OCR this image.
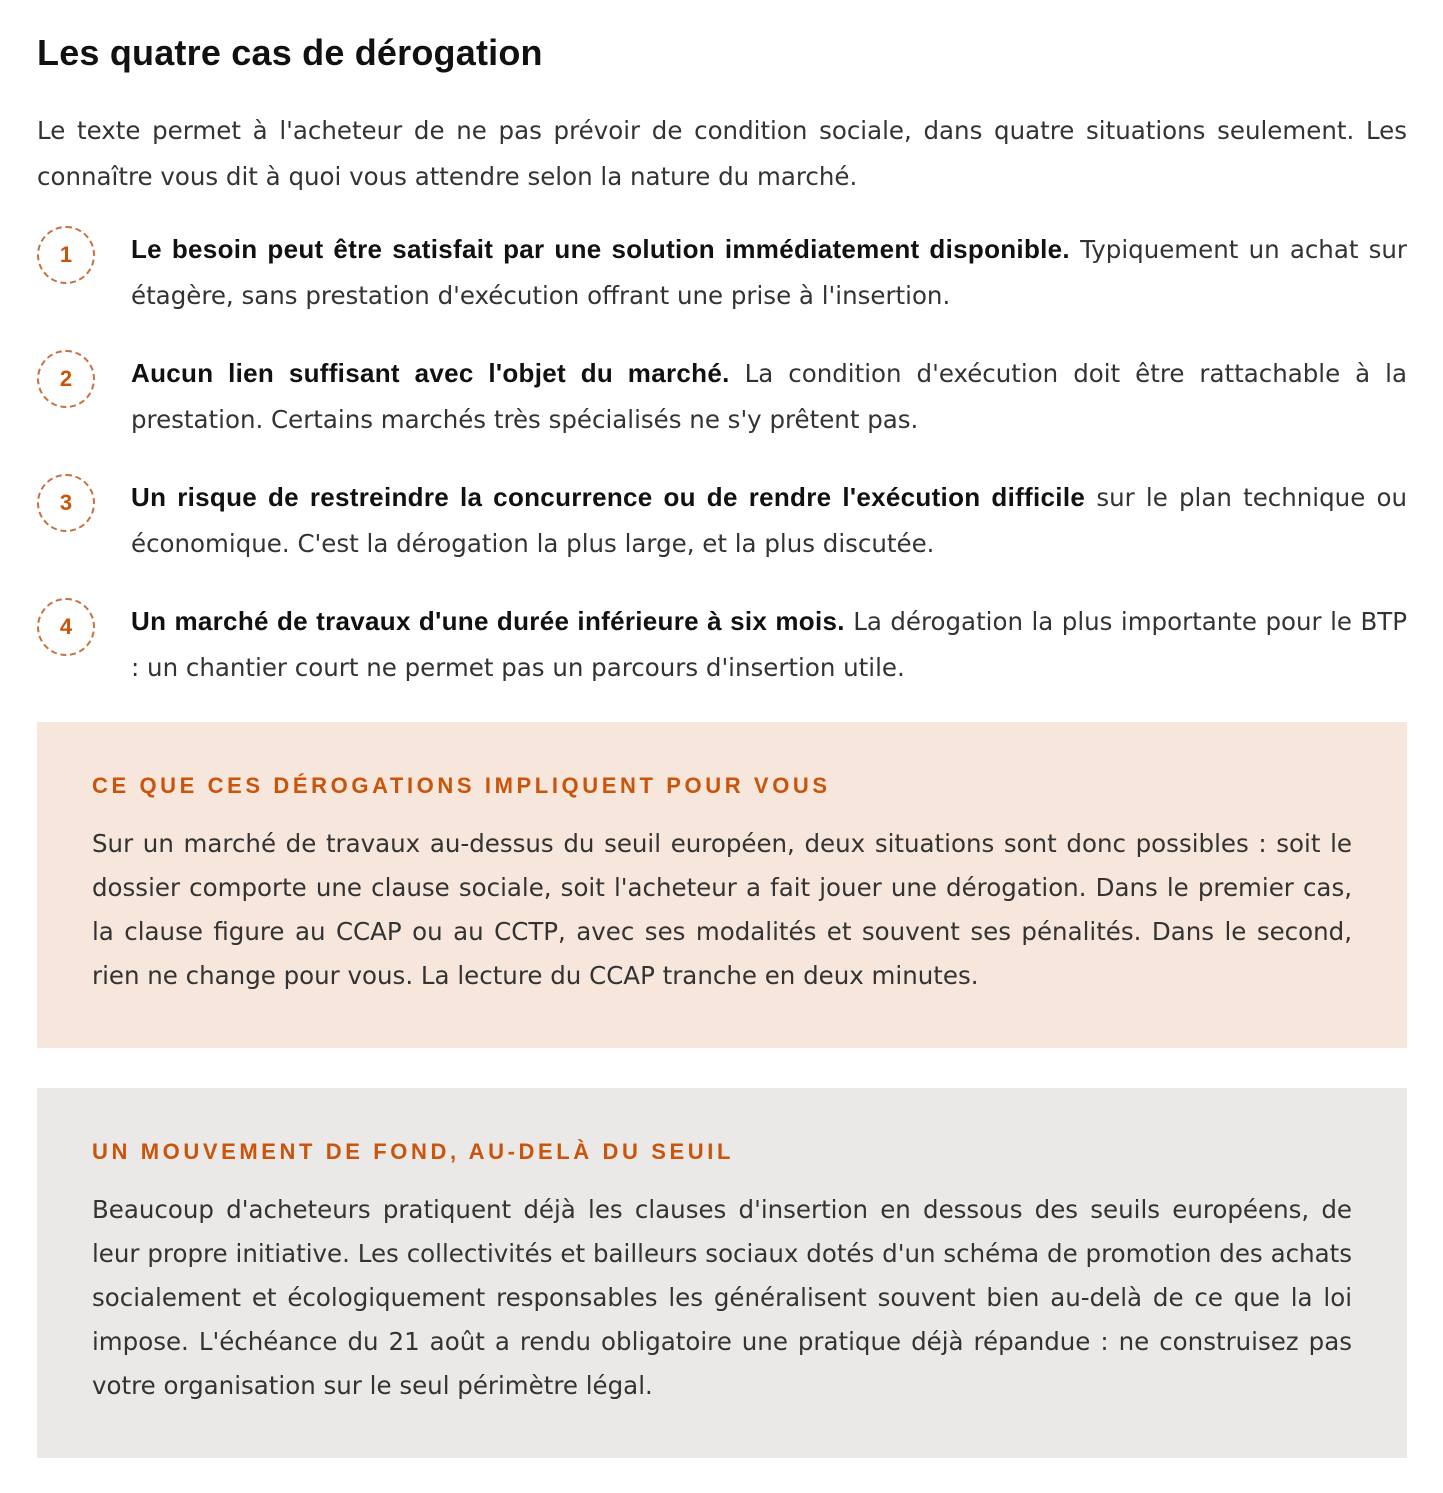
Les quatre cas de dérogation

Le texte permet à l'acheteur de ne pas prévoir de condition sociale, dans quatre situations seulement. Les connaître vous dit à quoi vous attendre selon la nature du marché.

1	Le besoin peut être satisfait par une solution immédiatement disponible. Typiquement un achat sur étagère, sans prestation d'exécution offrant une prise à l'insertion.
2	Aucun lien suffisant avec l'objet du marché. La condition d'exécution doit être rattachable à la prestation. Certains marchés très spécialisés ne s'y prêtent pas.
3	Un risque de restreindre la concurrence ou de rendre l'exécution difficile sur le plan technique ou économique. C'est la dérogation la plus large, et la plus discutée.
4	Un marché de travaux d'une durée inférieure à six mois. La dérogation la plus importante pour le BTP : un chantier court ne permet pas un parcours d'insertion utile.
CE QUE CES DÉROGATIONS IMPLIQUENT POUR VOUS

Sur un marché de travaux au-dessus du seuil européen, deux situations sont donc possibles : soit le dossier comporte une clause sociale, soit l'acheteur a fait jouer une dérogation. Dans le premier cas, la clause figure au CCAP ou au CCTP, avec ses modalités et souvent ses pénalités. Dans le second, rien ne change pour vous. La lecture du CCAP tranche en deux minutes.

UN MOUVEMENT DE FOND, AU-DELÀ DU SEUIL

Beaucoup d'acheteurs pratiquent déjà les clauses d'insertion en dessous des seuils européens, de leur propre initiative. Les collectivités et bailleurs sociaux dotés d'un schéma de promotion des achats socialement et écologiquement responsables les généralisent souvent bien au-delà de ce que la loi impose. L'échéance du 21 août a rendu obligatoire une pratique déjà répandue : ne construisez pas votre organisation sur le seul périmètre légal.
